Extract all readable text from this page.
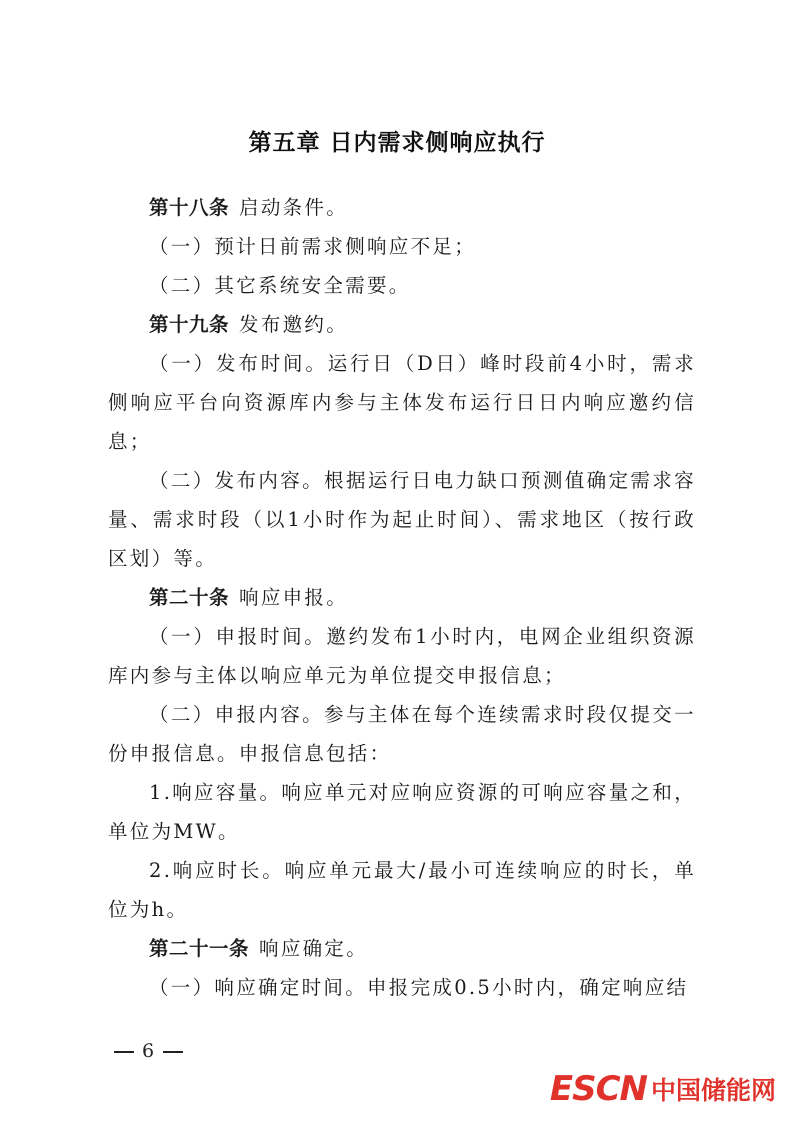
第五章 日内需求侧响应执行

第十八条 启动条件。

（一）预计日前需求侧响应不足；

（二）其它系统安全需要。

第十九条 发布邀约。

（一）发布时间。运行日（D日）峰时段前4小时，需求侧响应平台向资源库内参与主体发布运行日日内响应邀约信息；

（二）发布内容。根据运行日电力缺口预测值确定需求容量、需求时段（以1小时作为起止时间）、需求地区（按行政区划）等。

第二十条 响应申报。

（一）申报时间。邀约发布1小时内，电网企业组织资源库内参与主体以响应单元为单位提交申报信息；

（二）申报内容。参与主体在每个连续需求时段仅提交一份申报信息。申报信息包括：

1.响应容量。响应单元对应响应资源的可响应容量之和，单位为MW。

2.响应时长。响应单元最大/最小可连续响应的时长，单位为h。

第二十一条 响应确定。

（一）响应确定时间。申报完成0.5小时内，确定响应结

6
ESCN 中国储能网
